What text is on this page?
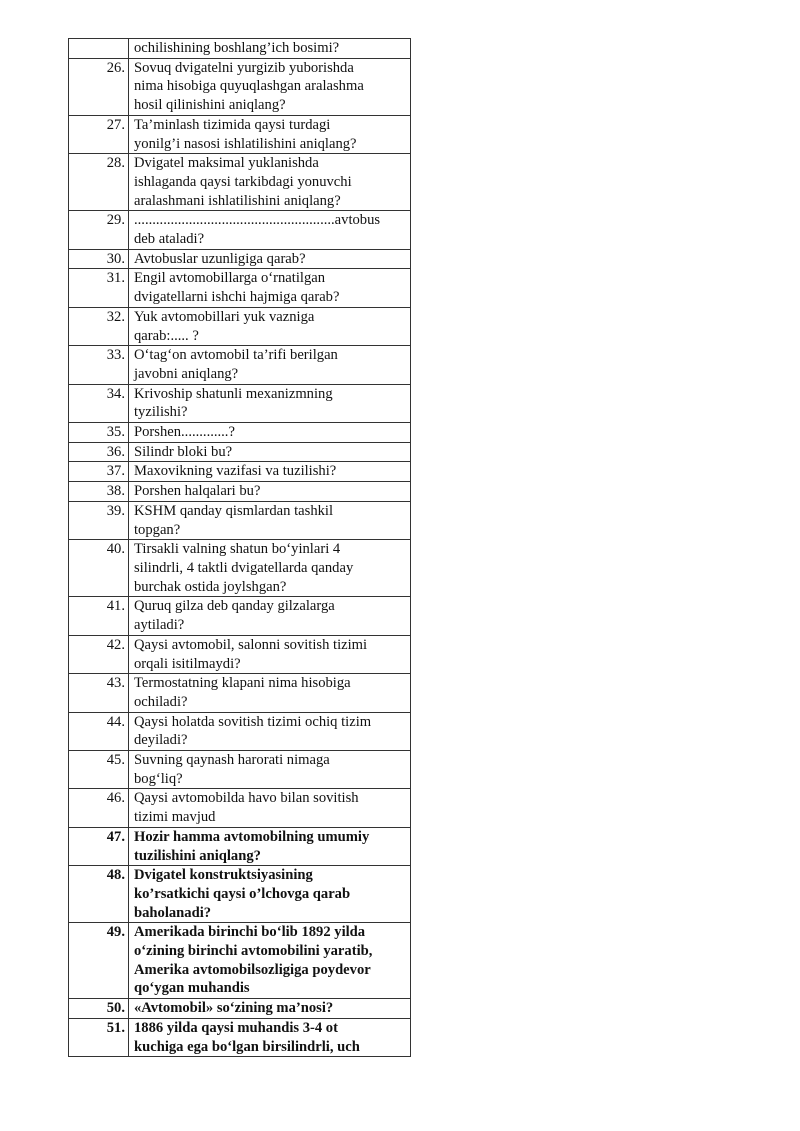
	ochilishining boshlang’ich bosimi?

26.	Sovuq dvigatelni yurgizib yuborishda
nima hisobiga quyuqlashgan aralashma
hosil qilinishini aniqlang?

27.	Ta’minlash tizimida qaysi turdagi
yonilg’i nasosi ishlatilishini aniqlang?

28.	Dvigatel maksimal yuklanishda
ishlaganda qaysi tarkibdagi yonuvchi
aralashmani ishlatilishini aniqlang?

29.	.......................................................avtobus
deb ataladi?

30.	Avtobuslar uzunligiga qarab?

31.	Engil avtomobillarga o‘rnatilgan
dvigatellarni ishchi hajmiga qarab?

32.	Yuk avtomobillari yuk vazniga
qarab:..... ?

33.	O‘tag‘on avtomobil ta’rifi berilgan
javobni aniqlang?

34.	Krivoship shatunli mexanizmning
tyzilishi?

35.	Porshen.............?

36.	Silindr bloki bu?

37.	Maxovikning vazifasi va tuzilishi?

38.	Porshen halqalari bu?

39.	KSHM qanday qismlardan tashkil
topgan?

40.	Tirsakli valning shatun bo‘yinlari 4
silindrli, 4 taktli dvigatellarda qanday
burchak ostida joylshgan?

41.	Quruq gilza deb qanday gilzalarga
aytiladi?

42.	Qaysi avtomobil, salonni sovitish tizimi
orqali isitilmaydi?

43.	Termostatning klapani nima hisobiga
ochiladi?

44.	Qaysi holatda sovitish tizimi ochiq tizim
deyiladi?

45.	Suvning qaynash harorati nimaga
bog‘liq?

46.	Qaysi avtomobilda havo bilan sovitish
tizimi mavjud

47.	Hozir hamma avtomobilning umumiy
tuzilishini aniqlang?

48.	Dvigatel konstruktsiyasining
ko’rsatkichi qaysi o’lchovga qarab
baholanadi?

49.	Amerikada birinchi bo‘lib 1892 yilda
o‘zining birinchi avtomobilini yaratib,
Amerika avtomobilsozligiga poydevor
qo‘ygan muhandis

50.	«Avtomobil» so‘zining ma’nosi?

51.	1886 yilda qaysi muhandis 3-4 ot
kuchiga ega bo‘lgan birsilindrli, uch
